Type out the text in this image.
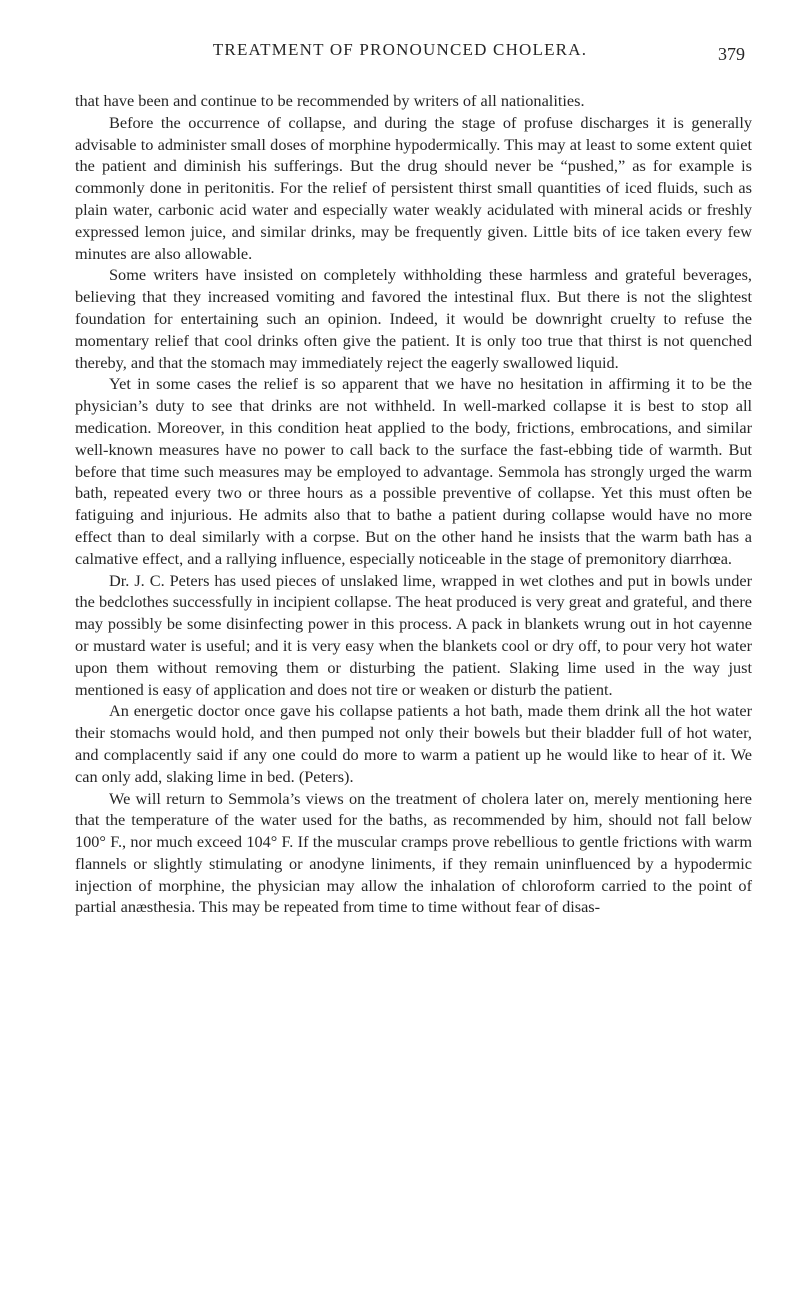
TREATMENT OF PRONOUNCED CHOLERA.	379

that have been and continue to be recommended by writers of all nationalities.

Before the occurrence of collapse, and during the stage of profuse discharges it is generally advisable to administer small doses of morphine hypodermically. This may at least to some extent quiet the patient and diminish his sufferings. But the drug should never be “pushed,” as for example is commonly done in peritonitis. For the relief of persistent thirst small quantities of iced fluids, such as plain water, carbonic acid water and especially water weakly acidulated with mineral acids or freshly expressed lemon juice, and similar drinks, may be frequently given. Little bits of ice taken every few minutes are also allowable.

Some writers have insisted on completely withholding these harmless and grateful beverages, believing that they increased vomiting and favored the intestinal flux. But there is not the slightest foundation for entertaining such an opinion. Indeed, it would be downright cruelty to refuse the momentary relief that cool drinks often give the patient. It is only too true that thirst is not quenched thereby, and that the stomach may immediately reject the eagerly swallowed liquid.

Yet in some cases the relief is so apparent that we have no hesitation in affirming it to be the physician’s duty to see that drinks are not withheld. In well-marked collapse it is best to stop all medication. Moreover, in this condition heat applied to the body, frictions, embrocations, and similar well-known measures have no power to call back to the surface the fast-ebbing tide of warmth. But before that time such measures may be employed to advantage. Semmola has strongly urged the warm bath, repeated every two or three hours as a possible preventive of collapse. Yet this must often be fatiguing and injurious. He admits also that to bathe a patient during collapse would have no more effect than to deal similarly with a corpse. But on the other hand he insists that the warm bath has a calmative effect, and a rallying influence, especially noticeable in the stage of premonitory diarrhœa.

Dr. J. C. Peters has used pieces of unslaked lime, wrapped in wet clothes and put in bowls under the bedclothes successfully in incipient collapse. The heat produced is very great and grateful, and there may possibly be some disinfecting power in this process. A pack in blankets wrung out in hot cayenne or mustard water is useful; and it is very easy when the blankets cool or dry off, to pour very hot water upon them without removing them or disturbing the patient. Slaking lime used in the way just mentioned is easy of application and does not tire or weaken or disturb the patient.

An energetic doctor once gave his collapse patients a hot bath, made them drink all the hot water their stomachs would hold, and then pumped not only their bowels but their bladder full of hot water, and complacently said if any one could do more to warm a patient up he would like to hear of it. We can only add, slaking lime in bed. (Peters).

We will return to Semmola’s views on the treatment of cholera later on, merely mentioning here that the temperature of the water used for the baths, as recommended by him, should not fall below 100° F., nor much exceed 104° F. If the muscular cramps prove rebellious to gentle frictions with warm flannels or slightly stimulating or anodyne liniments, if they remain uninfluenced by a hypodermic injection of morphine, the physician may allow the inhalation of chloroform carried to the point of partial anæsthesia. This may be repeated from time to time without fear of disas-
